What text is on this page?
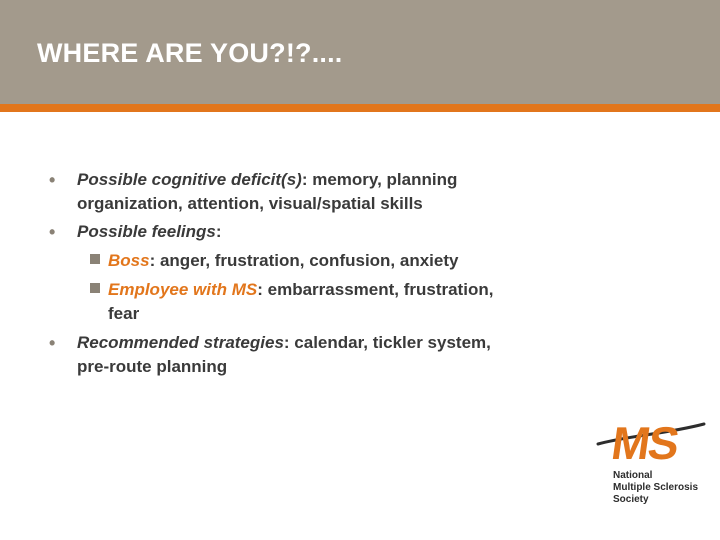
WHERE ARE YOU?!?....
• Possible cognitive deficit(s): memory, planning
organization, attention, visual/spatial skills
• Possible feelings:
Boss: anger, frustration, confusion, anxiety
Employee with MS: embarrassment, frustration,
fear
• Recommended strategies: calendar, tickler system,
pre-route planning
MS
National
Multiple Sclerosis
Society
